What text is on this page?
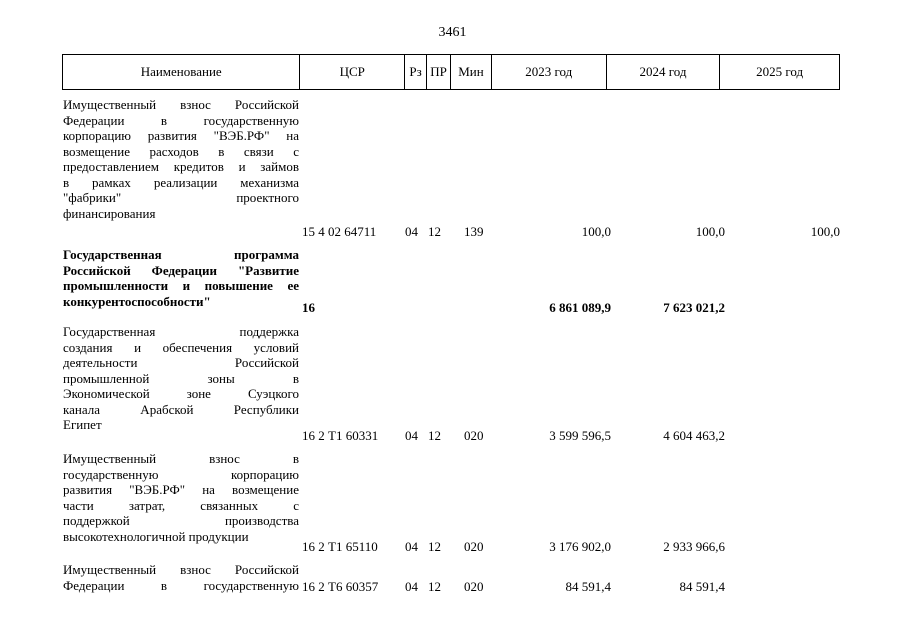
3461
Наименование	ЦСР	Рз ПР Мин	2023 год	2024 год	2025 год
Имущественный взнос Российской
Федерации в государственную
корпорацию развития "ВЭБ.РФ" на
возмещение расходов в связи с
предоставлением кредитов и займов
в рамках реализации механизма
"фабрики" проектного
финансирования
15 4 02 64711 04 12 139	100,0	100,0	100,0
Государственная программа
Российской Федерации "Развитие
промышленности и повышение ее
конкурентоспособности"	16	6 861 089,9	7 623 021,2
Государственная поддержка
создания и обеспечения условий
деятельности Российской
промышленной зоны в
Экономической зоне Суэцкого
канала Арабской Республики
Египет
16 2 Т1 60331 04 12 020	3 599 596,5	4 604 463,2
Имущественный взнос в
государственную корпорацию
развития "ВЭБ.РФ" на возмещение
части затрат, связанных с
поддержкой производства
высокотехнологичной продукции
16 2 Т1 65110 04 12 020	3 176 902,0	2 933 966,6
Имущественный взнос Российской
Федерации в государственную 16 2 Т6 60357 04 12 020	84 591,4	84 591,4
